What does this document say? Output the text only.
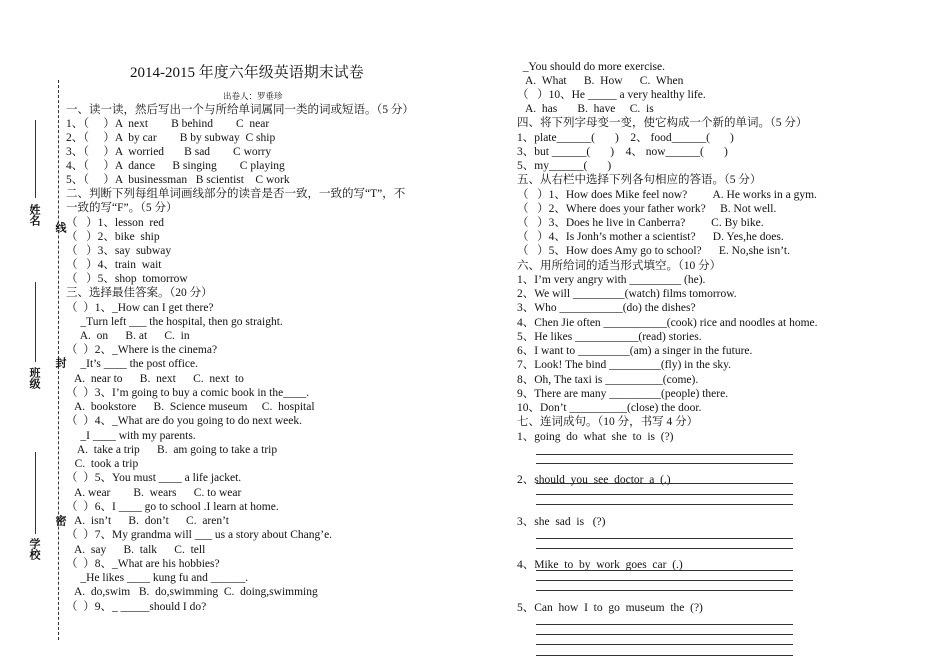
姓名
线
班级
封
学校
密
2014-2015 年度六年级英语期末试卷
出卷人：罗垂珍
一、读一读，然后写出一个与所给单词属同一类的词或短语。（5 分）
1、（     ）A  next        B behind        C  near
2、（     ）A  by car        B by subway  C ship
3、（     ）A  worried       B sad        C worry
4、（     ）A  dance      B singing        C playing
5、（     ）A  businessman   B scientist    C work
二、判断下列每组单词画线部分的读音是否一致，一致的写“T”，不
一致的写“F”。（5 分）
（   ）1、lesson  red
（   ）2、bike  ship
（   ）3、say  subway
（   ）4、train  wait
（   ）5、shop  tomorrow
三、选择最佳答案。（20 分）
（  ）1、_How can I get there?
_Turn left ___ the hospital, then go straight.
A.  on      B. at      C.  in
（  ）2、_Where is the cinema?
_It’s ____ the post office.
A.  near to      B.  next      C.  next  to
（  ）3、I’m going to buy a comic book in the____.
A.  bookstore      B.  Science museum     C.  hospital
（  ）4、_What are do you going to do next week.
_I ____ with my parents.
A.  take a trip      B.  am going to take a trip
C.  took a trip
（  ）5、You must ____ a life jacket.
A. wear        B.  wears      C. to wear
（  ）6、I ____ go to school .I learn at home.
A.  isn’t      B.  don’t      C.  aren’t
（  ）7、My grandma will ___ us a story about Chang’e.
A.  say      B.  talk      C.  tell
（  ）8、_What are his hobbies?
_He likes ____ kung fu and ______.
A.  do,swim   B.  do,swimming  C.  doing,swimming
（  ）9、_ _____should I do?
_You should do more exercise.
A.  What      B.  How      C.  When
（   ）10、He _____ a very healthy life.
A.  has       B.  have     C.  is
四、将下列字母变一变，使它构成一个新的单词。（5 分）
1、plate______(       )    2、 food______(       )
3、but ______(       )    4、 now______(       )
5、my______(       )
五、从右栏中选择下列各句相应的答语。（5 分）
（   ）1、How does Mike feel now?         A. He works in a gym.
（   ）2、Where does your father work?     B. Not well.
（   ）3、Does he live in Canberra?         C. By bike.
（   ）4、Is Jonh’s mother a scientist?      D. Yes,he does.
（   ）5、How does Amy go to school?      E. No,she isn’t.
六、用所给词的适当形式填空。（10 分）
1、I’m very angry with _________ (he).
2、We will _________(watch) films tomorrow.
3、Who ___________(do) the dishes?
4、Chen Jie often ___________(cook) rice and noodles at home.
5、He likes ___________(read) stories.
6、I want to _________(am) a singer in the future.
7、Look! The bind _________(fly) in the sky.
8、Oh, The taxi is __________(come).
9、There are many _________(people) there.
10、Don’t __________(close) the door.
七、连词成句。（10 分，书写 4 分）
1、going  do  what  she  to  is  (?)
2、should  you  see  doctor  a  (.)
3、she  sad  is   (?)
4、Mike  to  by  work  goes  car  (.)
5、Can  how  I  to  go  museum  the  (?)
